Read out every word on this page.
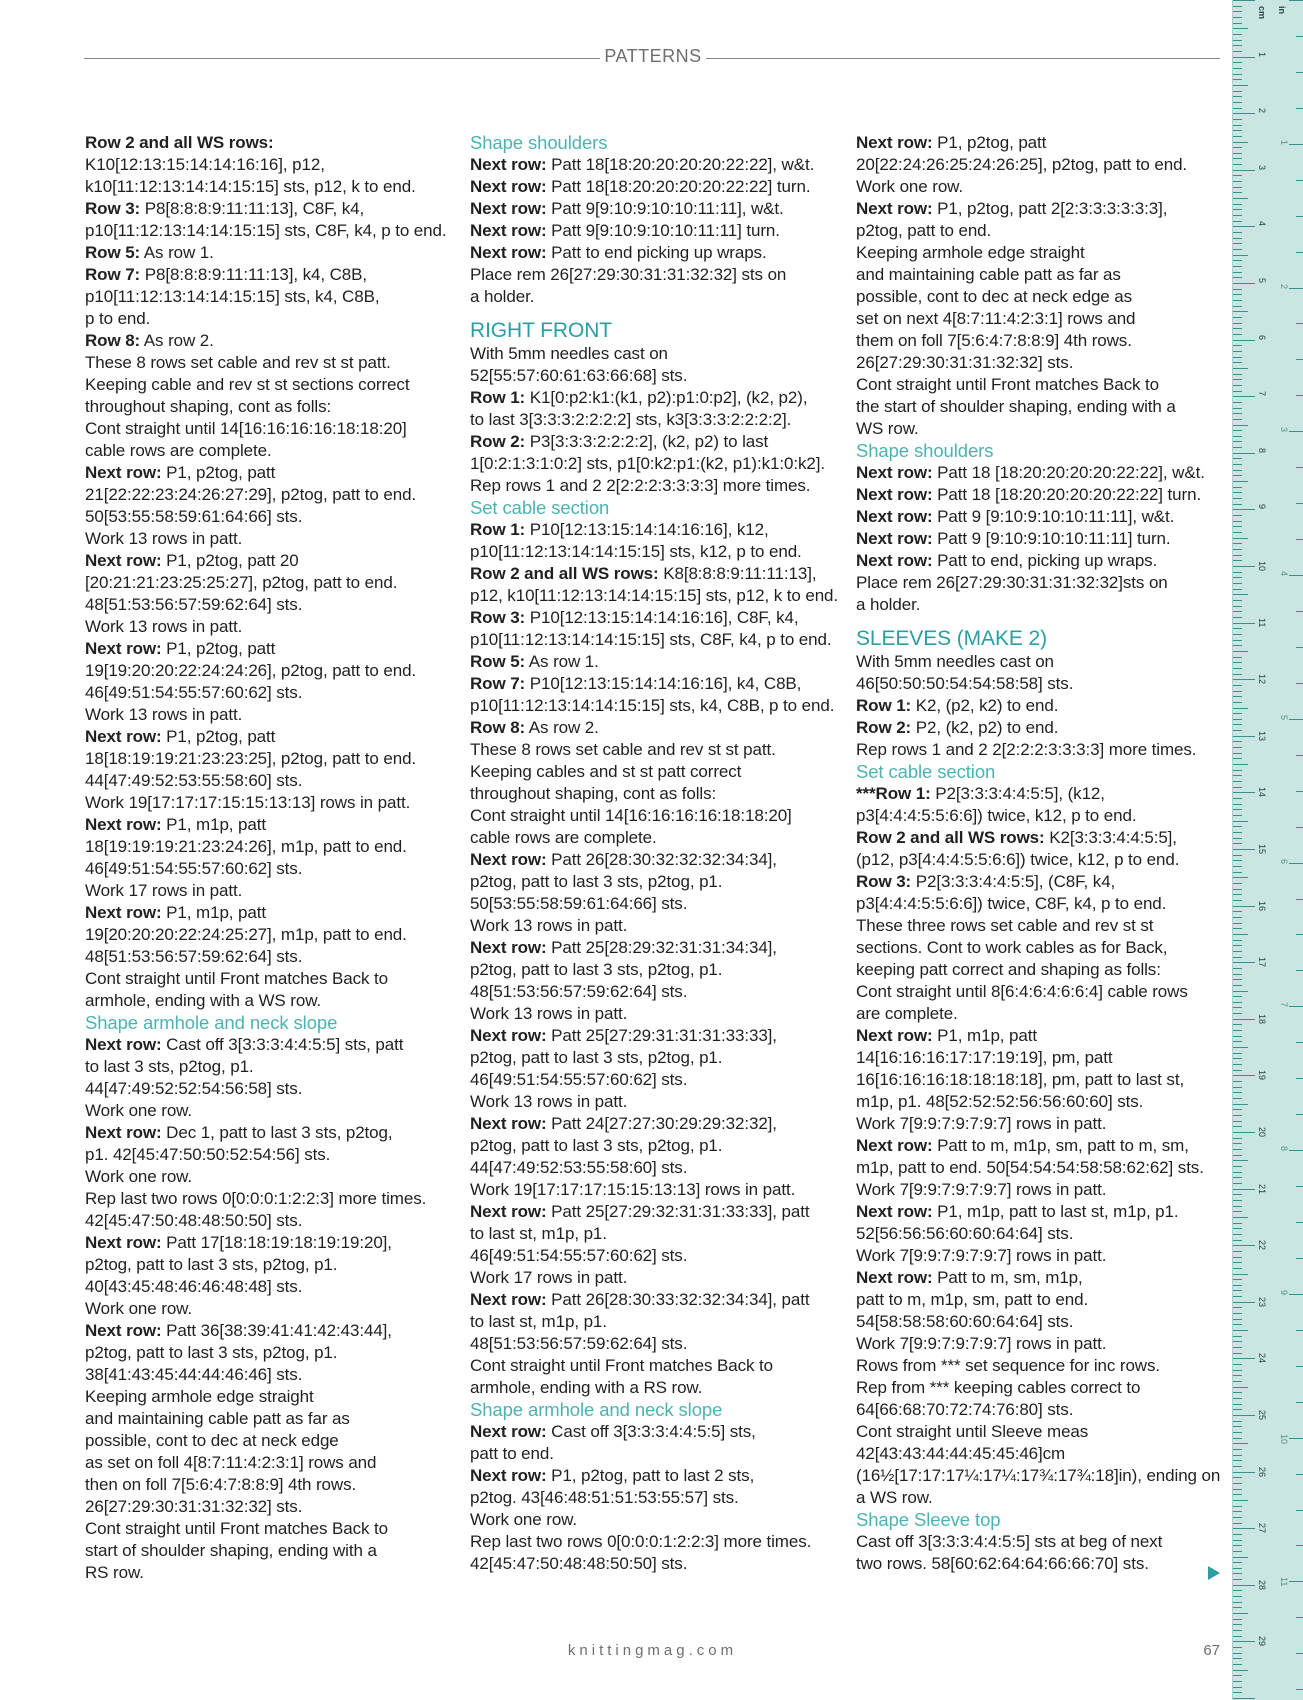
PATTERNS
Row 2 and all WS rows:
K10[12:13:15:14:14:16:16], p12,
k10[11:12:13:14:14:15:15] sts, p12, k to end.
Row 3: P8[8:8:8:9:11:11:13], C8F, k4,
p10[11:12:13:14:14:15:15] sts, C8F, k4, p to end.
Row 5: As row 1.
Row 7: P8[8:8:8:9:11:11:13], k4, C8B,
p10[11:12:13:14:14:15:15] sts, k4, C8B,
p to end.
Row 8: As row 2.
These 8 rows set cable and rev st st patt.
Keeping cable and rev st st sections correct
throughout shaping, cont as folls:
Cont straight until 14[16:16:16:16:18:18:20]
cable rows are complete.
Next row: P1, p2tog, patt
21[22:22:23:24:26:27:29], p2tog, patt to end.
50[53:55:58:59:61:64:66] sts.
Work 13 rows in patt.
Next row: P1, p2tog, patt 20
[20:21:21:23:25:25:27], p2tog, patt to end.
48[51:53:56:57:59:62:64] sts.
Work 13 rows in patt.
Next row: P1, p2tog, patt
19[19:20:20:22:24:24:26], p2tog, patt to end.
46[49:51:54:55:57:60:62] sts.
Work 13 rows in patt.
Next row: P1, p2tog, patt
18[18:19:19:21:23:23:25], p2tog, patt to end.
44[47:49:52:53:55:58:60] sts.
Work 19[17:17:17:15:15:13:13] rows in patt.
Next row: P1, m1p, patt
18[19:19:19:21:23:24:26], m1p, patt to end.
46[49:51:54:55:57:60:62] sts.
Work 17 rows in patt.
Next row: P1, m1p, patt
19[20:20:20:22:24:25:27], m1p, patt to end.
48[51:53:56:57:59:62:64] sts.
Cont straight until Front matches Back to
armhole, ending with a WS row.
Shape armhole and neck slope
Next row: Cast off 3[3:3:3:4:4:5:5] sts, patt
to last 3 sts, p2tog, p1.
44[47:49:52:52:54:56:58] sts.
Work one row.
Next row: Dec 1, patt to last 3 sts, p2tog,
p1. 42[45:47:50:50:52:54:56] sts.
Work one row.
Rep last two rows 0[0:0:0:1:2:2:3] more times.
42[45:47:50:48:48:50:50] sts.
Next row: Patt 17[18:18:19:18:19:19:20],
p2tog, patt to last 3 sts, p2tog, p1.
40[43:45:48:46:46:48:48] sts.
Work one row.
Next row: Patt 36[38:39:41:41:42:43:44],
p2tog, patt to last 3 sts, p2tog, p1.
38[41:43:45:44:44:46:46] sts.
Keeping armhole edge straight
and maintaining cable patt as far as
possible, cont to dec at neck edge
as set on foll 4[8:7:11:4:2:3:1] rows and
then on foll 7[5:6:4:7:8:8:9] 4th rows.
26[27:29:30:31:31:32:32] sts.
Cont straight until Front matches Back to
start of shoulder shaping, ending with a
RS row.
Shape shoulders
Next row: Patt 18[18:20:20:20:20:22:22], w&t.
Next row: Patt 18[18:20:20:20:20:22:22] turn.
Next row: Patt 9[9:10:9:10:10:11:11], w&t.
Next row: Patt 9[9:10:9:10:10:11:11] turn.
Next row: Patt to end picking up wraps.
Place rem 26[27:29:30:31:31:32:32] sts on
a holder.
RIGHT FRONT
With 5mm needles cast on
52[55:57:60:61:63:66:68] sts.
Row 1: K1[0:p2:k1:(k1, p2):p1:0:p2], (k2, p2),
to last 3[3:3:3:2:2:2:2] sts, k3[3:3:3:2:2:2:2].
Row 2: P3[3:3:3:2:2:2:2], (k2, p2) to last
1[0:2:1:3:1:0:2] sts, p1[0:k2:p1:(k2, p1):k1:0:k2].
Rep rows 1 and 2 2[2:2:2:3:3:3:3] more times.
Set cable section
Row 1: P10[12:13:15:14:14:16:16], k12,
p10[11:12:13:14:14:15:15] sts, k12, p to end.
Row 2 and all WS rows: K8[8:8:8:9:11:11:13],
p12, k10[11:12:13:14:14:15:15] sts, p12, k to end.
Row 3: P10[12:13:15:14:14:16:16], C8F, k4,
p10[11:12:13:14:14:15:15] sts, C8F, k4, p to end.
Row 5: As row 1.
Row 7: P10[12:13:15:14:14:16:16], k4, C8B,
p10[11:12:13:14:14:15:15] sts, k4, C8B, p to end.
Row 8: As row 2.
These 8 rows set cable and rev st st patt.
Keeping cables and st st patt correct
throughout shaping, cont as folls:
Cont straight until 14[16:16:16:16:18:18:20]
cable rows are complete.
Next row: Patt 26[28:30:32:32:32:34:34],
p2tog, patt to last 3 sts, p2tog, p1.
50[53:55:58:59:61:64:66] sts.
Work 13 rows in patt.
Next row: Patt 25[28:29:32:31:31:34:34],
p2tog, patt to last 3 sts, p2tog, p1.
48[51:53:56:57:59:62:64] sts.
Work 13 rows in patt.
Next row: Patt 25[27:29:31:31:31:33:33],
p2tog, patt to last 3 sts, p2tog, p1.
46[49:51:54:55:57:60:62] sts.
Work 13 rows in patt.
Next row: Patt 24[27:27:30:29:29:32:32],
p2tog, patt to last 3 sts, p2tog, p1.
44[47:49:52:53:55:58:60] sts.
Work 19[17:17:17:15:15:13:13] rows in patt.
Next row: Patt 25[27:29:32:31:31:33:33], patt
to last st, m1p, p1.
46[49:51:54:55:57:60:62] sts.
Work 17 rows in patt.
Next row: Patt 26[28:30:33:32:32:34:34], patt
to last st, m1p, p1.
48[51:53:56:57:59:62:64] sts.
Cont straight until Front matches Back to
armhole, ending with a RS row.
Shape armhole and neck slope
Next row: Cast off 3[3:3:3:4:4:5:5] sts,
patt to end.
Next row: P1, p2tog, patt to last 2 sts,
p2tog. 43[46:48:51:51:53:55:57] sts.
Work one row.
Rep last two rows 0[0:0:0:1:2:2:3] more times.
42[45:47:50:48:48:50:50] sts.
Next row: P1, p2tog, patt
20[22:24:26:25:24:26:25], p2tog, patt to end.
Work one row.
Next row: P1, p2tog, patt 2[2:3:3:3:3:3:3],
p2tog, patt to end.
Keeping armhole edge straight
and maintaining cable patt as far as
possible, cont to dec at neck edge as
set on next 4[8:7:11:4:2:3:1] rows and
them on foll 7[5:6:4:7:8:8:9] 4th rows.
26[27:29:30:31:31:32:32] sts.
Cont straight until Front matches Back to
the start of shoulder shaping, ending with a
WS row.
Shape shoulders
Next row: Patt 18 [18:20:20:20:20:22:22], w&t.
Next row: Patt 18 [18:20:20:20:20:22:22] turn.
Next row: Patt 9 [9:10:9:10:10:11:11], w&t.
Next row: Patt 9 [9:10:9:10:10:11:11] turn.
Next row: Patt to end, picking up wraps.
Place rem 26[27:29:30:31:31:32:32]sts on
a holder.
SLEEVES (MAKE 2)
With 5mm needles cast on
46[50:50:50:54:54:58:58] sts.
Row 1: K2, (p2, k2) to end.
Row 2: P2, (k2, p2) to end.
Rep rows 1 and 2 2[2:2:2:3:3:3:3] more times.
Set cable section
***Row 1: P2[3:3:3:4:4:5:5], (k12,
p3[4:4:4:5:5:6:6]) twice, k12, p to end.
Row 2 and all WS rows: K2[3:3:3:4:4:5:5],
(p12, p3[4:4:4:5:5:6:6]) twice, k12, p to end.
Row 3: P2[3:3:3:4:4:5:5], (C8F, k4,
p3[4:4:4:5:5:6:6]) twice, C8F, k4, p to end.
These three rows set cable and rev st st
sections. Cont to work cables as for Back,
keeping patt correct and shaping as folls:
Cont straight until 8[6:4:6:4:6:6:4] cable rows
are complete.
Next row: P1, m1p, patt
14[16:16:16:17:17:19:19], pm, patt
16[16:16:16:18:18:18:18], pm, patt to last st,
m1p, p1. 48[52:52:52:56:56:60:60] sts.
Work 7[9:9:7:9:7:9:7] rows in patt.
Next row: Patt to m, m1p, sm, patt to m, sm,
m1p, patt to end. 50[54:54:54:58:58:62:62] sts.
Work 7[9:9:7:9:7:9:7] rows in patt.
Next row: P1, m1p, patt to last st, m1p, p1.
52[56:56:56:60:60:64:64] sts.
Work 7[9:9:7:9:7:9:7] rows in patt.
Next row: Patt to m, sm, m1p,
patt to m, m1p, sm, patt to end.
54[58:58:58:60:60:64:64] sts.
Work 7[9:9:7:9:7:9:7] rows in patt.
Rows from *** set sequence for inc rows.
Rep from *** keeping cables correct to
64[66:68:70:72:74:76:80] sts.
Cont straight until Sleeve meas
42[43:43:44:44:45:45:46]cm
(16½[17:17:17¼:17¼:17¾:17¾:18]in), ending on
a WS row.
Shape Sleeve top
Cast off 3[3:3:3:4:4:5:5] sts at beg of next
two rows. 58[60:62:64:64:66:66:70] sts.
knittingmag.com	67
in
cm
1
2
3
4
5
6
7
8
9
10
11
12
13
14
15
16
17
18
19
20
21
22
23
24
25
26
27
28
29
1
2
3
4
5
6
7
8
9
10
11
